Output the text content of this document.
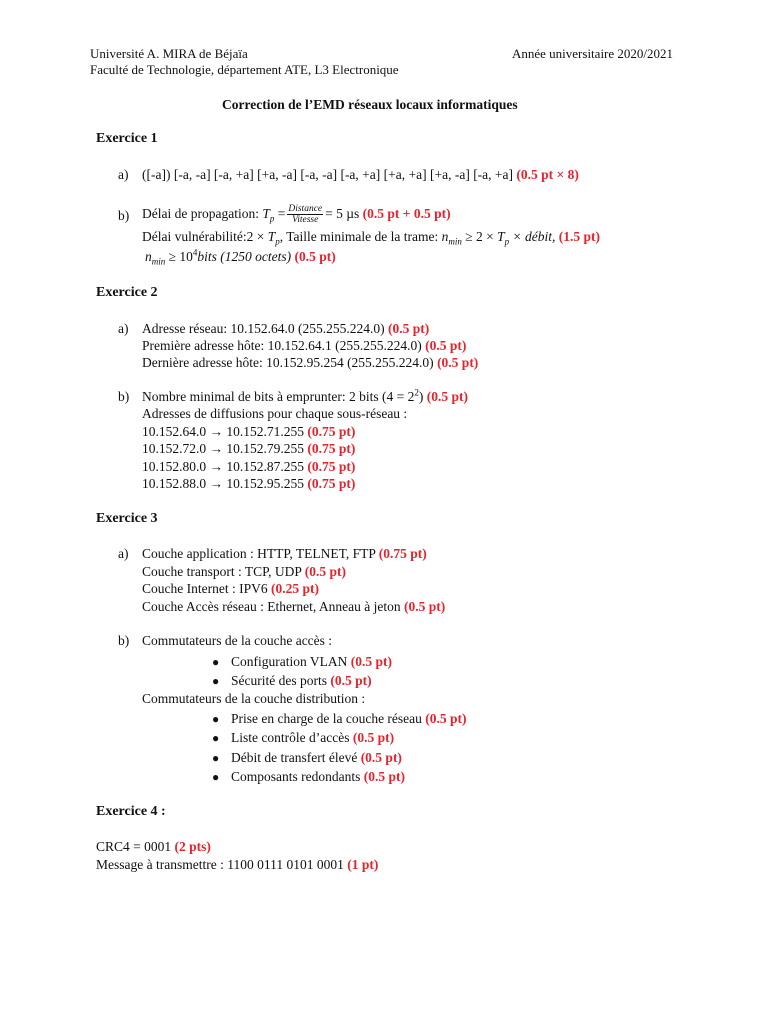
Université A. MIRA de Béjaïa
Faculté de Technologie, département ATE, L3 Electronique
Année universitaire 2020/2021
Correction de l’EMD réseaux locaux informatiques
Exercice 1
a) ([-a]) [-a, -a] [-a, +a] [+a, -a] [-a, -a] [-a, +a] [+a, +a] [+a, -a] [-a, +a] (0.5 pt × 8)
b) Délai de propagation: $T_p = \frac{\text{Distance}}{\text{Vitesse}} = 5$ µs (0.5 pt + 0.5 pt)
Délai vulnérabilité:2 × $T_p$, Taille minimale de la trame: $n_{min} \ge 2 \times T_p$ × débit, (1.5 pt)
$n_{min}$ ≥ $10^4bits$ (1250 octets) (0.5 pt)
Exercice 2
a) Adresse réseau: 10.152.64.0 (255.255.224.0) (0.5 pt)
Première adresse hôte: 10.152.64.1 (255.255.224.0) (0.5 pt)
Dernière adresse hôte: 10.152.95.254 (255.255.224.0) (0.5 pt)
b) Nombre minimal de bits à emprunter: 2 bits $(4 = 2^2)$ (0.5 pt)
Adresses de diffusions pour chaque sous-réseau :
10.152.64.0 → 10.152.71.255 (0.75 pt)
10.152.72.0 → 10.152.79.255 (0.75 pt)
10.152.80.0 → 10.152.87.255 (0.75 pt)
10.152.88.0 → 10.152.95.255 (0.75 pt)
Exercice 3
a) Couche application : HTTP, TELNET, FTP (0.75 pt)
Couche transport : TCP, UDP (0.5 pt)
Couche Internet : IPV6 (0.25 pt)
Couche Accès réseau : Ethernet, Anneau à jeton (0.5 pt)
b) Commutateurs de la couche accès :
● Configuration VLAN (0.5 pt)
● Sécurité des ports (0.5 pt)
Commutateurs de la couche distribution :
● Prise en charge de la couche réseau (0.5 pt)
● Liste contrôle d’accès (0.5 pt)
● Débit de transfert élevé (0.5 pt)
● Composants redondants (0.5 pt)
Exercice 4 :
CRC4 = 0001 (2 pts)
Message à transmettre : 1100 0111 0101 0001 (1 pt)
